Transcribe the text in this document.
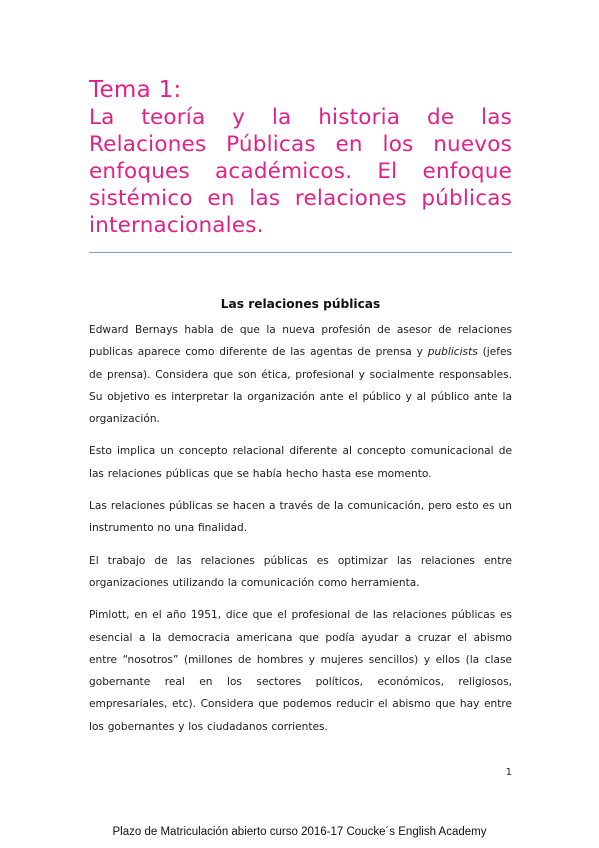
Tema 1:
La teoría y la historia de las Relaciones Públicas en los nuevos enfoques académicos. El enfoque sistémico en las relaciones públicas internacionales.
Las relaciones públicas

Edward Bernays habla de que la nueva profesión de asesor de relaciones publicas aparece como diferente de las agentas de prensa y publicists (jefes de prensa). Considera que son ética, profesional y socialmente responsables. Su objetivo es interpretar la organización ante el público y al público ante la organización.

Esto implica un concepto relacional diferente al concepto comunicacional de las relaciones públicas que se había hecho hasta ese momento.

Las relaciones públicas se hacen a través de la comunicación, pero esto es un instrumento no una finalidad.

El trabajo de las relaciones públicas es optimizar las relaciones entre organizaciones utilizando la comunicación como herramienta.

Pimlott, en el año 1951, dice que el profesional de las relaciones públicas es esencial a la democracia americana que podía ayudar a cruzar el abismo entre “nosotros” (millones de hombres y mujeres sencillos) y ellos (la clase gobernante real en los sectores políticos, económicos, religiosos, empresariales, etc). Considera que podemos reducir el abismo que hay entre los gobernantes y los ciudadanos corrientes.

1
Plazo de Matriculación abierto curso 2016-17 Coucke´s English Academy
